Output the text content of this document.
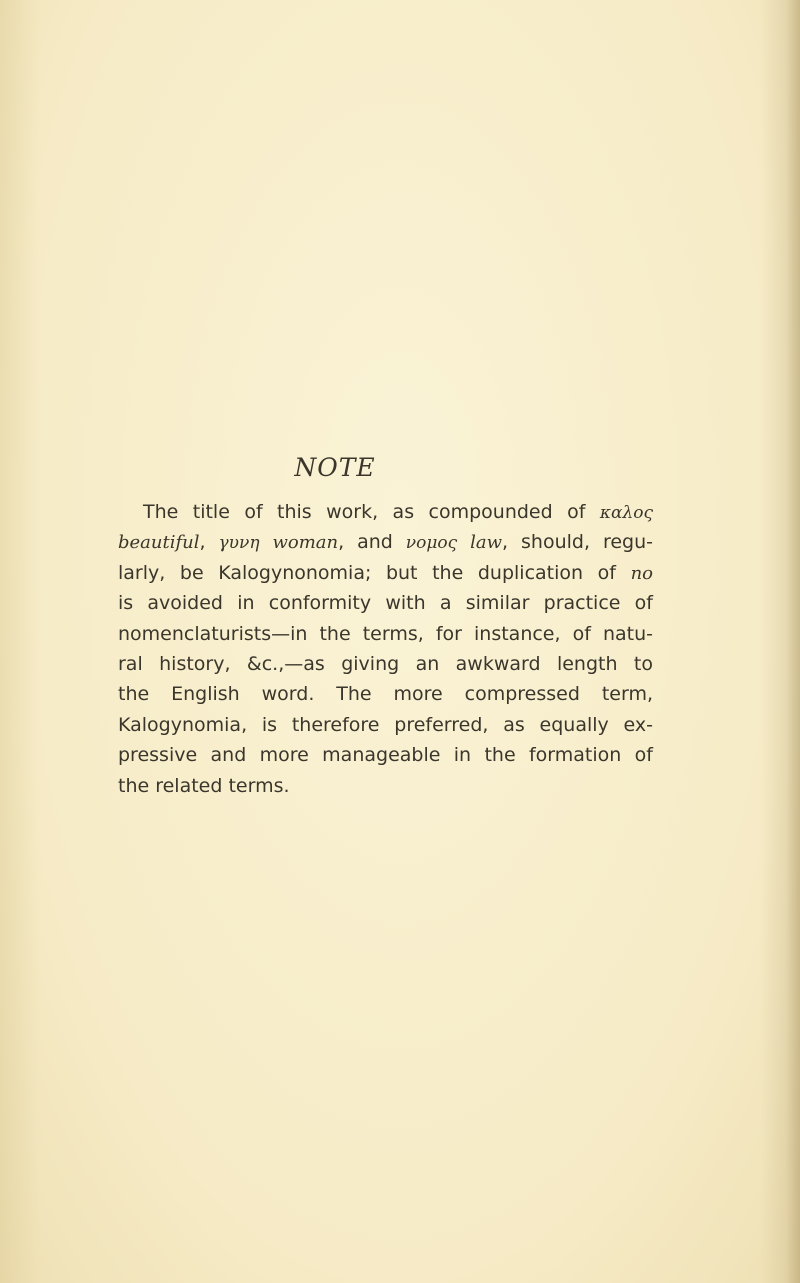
NOTE
The title of this work, as compounded of καλος
beautiful, γυνη woman, and νομος law, should, regu-
larly, be Kalogynonomia; but the duplication of no
is avoided in conformity with a similar practice of
nomenclaturists—in the terms, for instance, of natu-
ral history, &c.,—as giving an awkward length to
the English word. The more compressed term,
Kalogynomia, is therefore preferred, as equally ex-
pressive and more manageable in the formation of
the related terms.
